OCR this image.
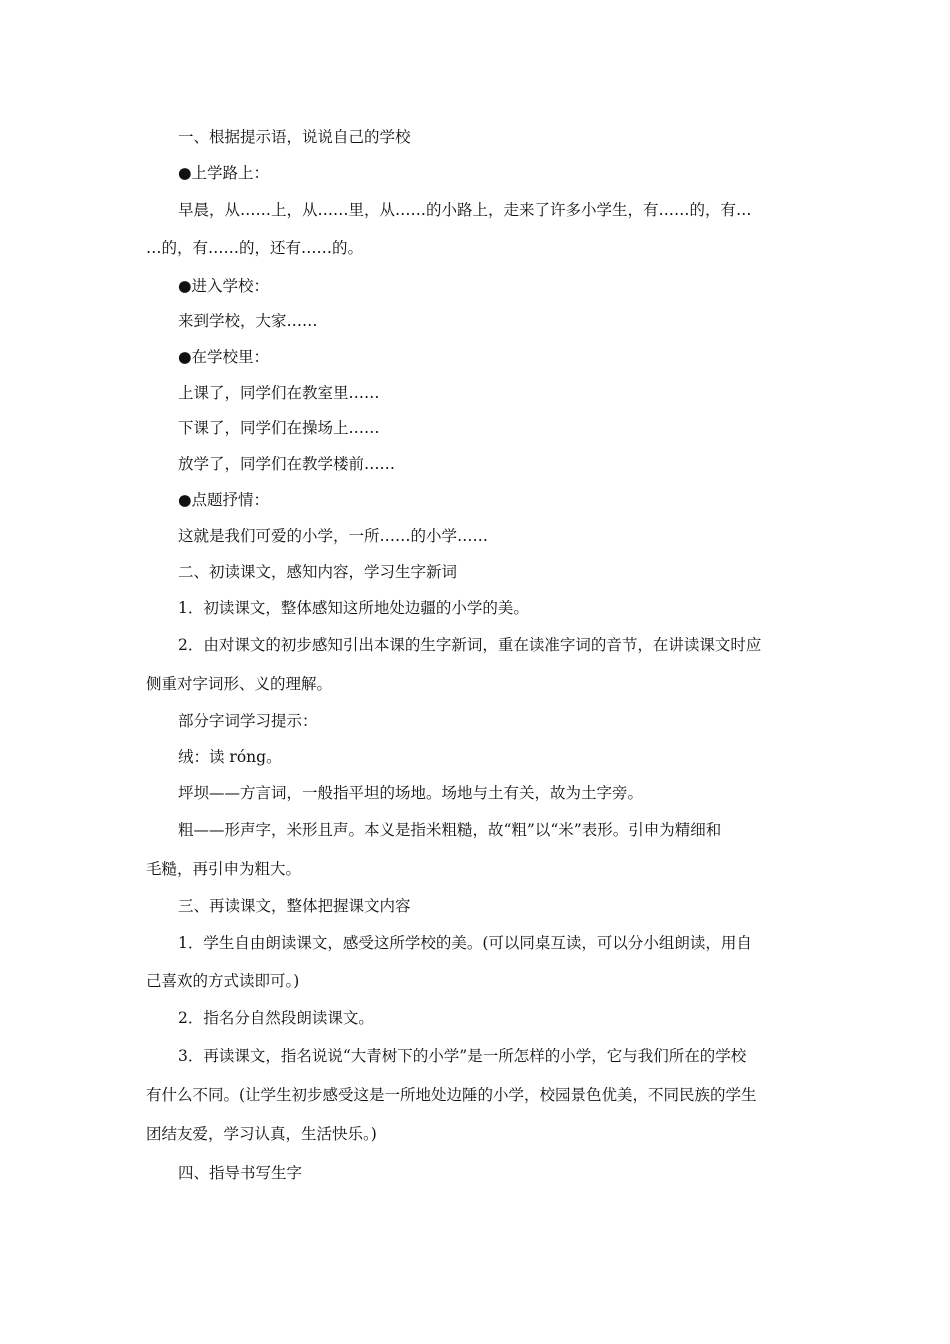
一、根据提示语，说说自己的学校
●上学路上：
早晨，从……上，从……里，从……的小路上，走来了许多小学生，有……的，有…
…的，有……的，还有……的。
●进入学校：
来到学校，大家……
●在学校里：
上课了，同学们在教室里……
下课了，同学们在操场上……
放学了，同学们在教学楼前……
●点题抒情：
这就是我们可爱的小学，一所……的小学……
二、初读课文，感知内容，学习生字新词
1．初读课文，整体感知这所地处边疆的小学的美。
2．由对课文的初步感知引出本课的生字新词，重在读准字词的音节，在讲读课文时应
侧重对字词形、义的理解。
部分字词学习提示：
绒：读 róng。
坪坝——方言词，一般指平坦的场地。场地与土有关，故为土字旁。
粗——形声字，米形且声。本义是指米粗糙，故“粗”以“米”表形。引申为精细和
毛糙，再引申为粗大。
三、再读课文，整体把握课文内容
1．学生自由朗读课文，感受这所学校的美。(可以同桌互读，可以分小组朗读，用自
己喜欢的方式读即可。)
2．指名分自然段朗读课文。
3．再读课文，指名说说“大青树下的小学”是一所怎样的小学，它与我们所在的学校
有什么不同。(让学生初步感受这是一所地处边陲的小学，校园景色优美，不同民族的学生
团结友爱，学习认真，生活快乐。)
四、指导书写生字
